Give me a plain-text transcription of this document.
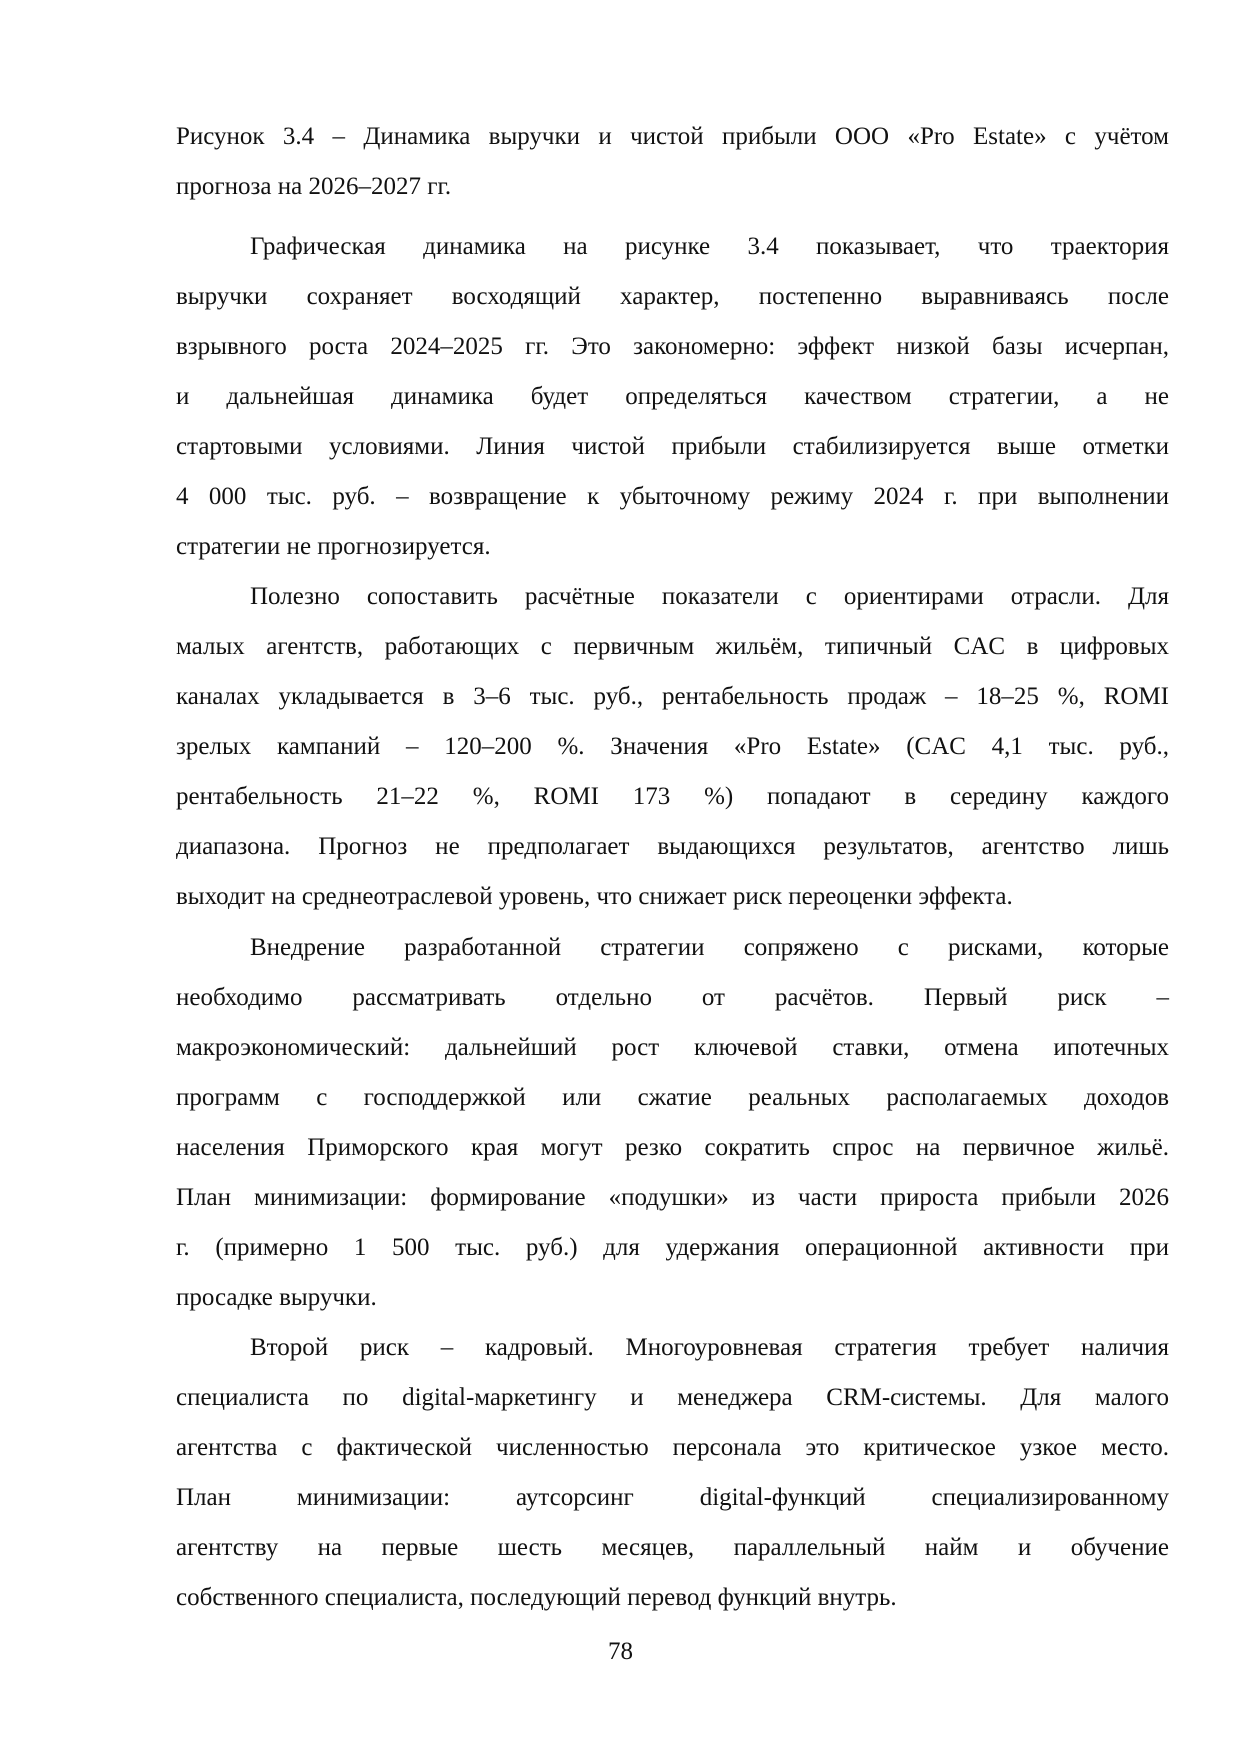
Рисунок 3.4 – Динамика выручки и чистой прибыли ООО «Pro Estate» с учётом
прогноза на 2026–2027 гг.
Графическая динамика на рисунке 3.4 показывает, что траектория
выручки сохраняет восходящий характер, постепенно выравниваясь после
взрывного роста 2024–2025 гг. Это закономерно: эффект низкой базы исчерпан,
и дальнейшая динамика будет определяться качеством стратегии, а не
стартовыми условиями. Линия чистой прибыли стабилизируется выше отметки
4 000 тыс. руб. – возвращение к убыточному режиму 2024 г. при выполнении
стратегии не прогнозируется.
Полезно сопоставить расчётные показатели с ориентирами отрасли. Для
малых агентств, работающих с первичным жильём, типичный CAC в цифровых
каналах укладывается в 3–6 тыс. руб., рентабельность продаж – 18–25 %, ROMI
зрелых кампаний – 120–200 %. Значения «Pro Estate» (CAC 4,1 тыс. руб.,
рентабельность 21–22 %, ROMI 173 %) попадают в середину каждого
диапазона. Прогноз не предполагает выдающихся результатов, агентство лишь
выходит на среднеотраслевой уровень, что снижает риск переоценки эффекта.
Внедрение разработанной стратегии сопряжено с рисками, которые
необходимо рассматривать отдельно от расчётов. Первый риск –
макроэкономический: дальнейший рост ключевой ставки, отмена ипотечных
программ с господдержкой или сжатие реальных располагаемых доходов
населения Приморского края могут резко сократить спрос на первичное жильё.
План минимизации: формирование «подушки» из части прироста прибыли 2026
г. (примерно 1 500 тыс. руб.) для удержания операционной активности при
просадке выручки.
Второй риск – кадровый. Многоуровневая стратегия требует наличия
специалиста по digital-маркетингу и менеджера CRM-системы. Для малого
агентства с фактической численностью персонала это критическое узкое место.
План минимизации: аутсорсинг digital-функций специализированному
агентству на первые шесть месяцев, параллельный найм и обучение
собственного специалиста, последующий перевод функций внутрь.
78
